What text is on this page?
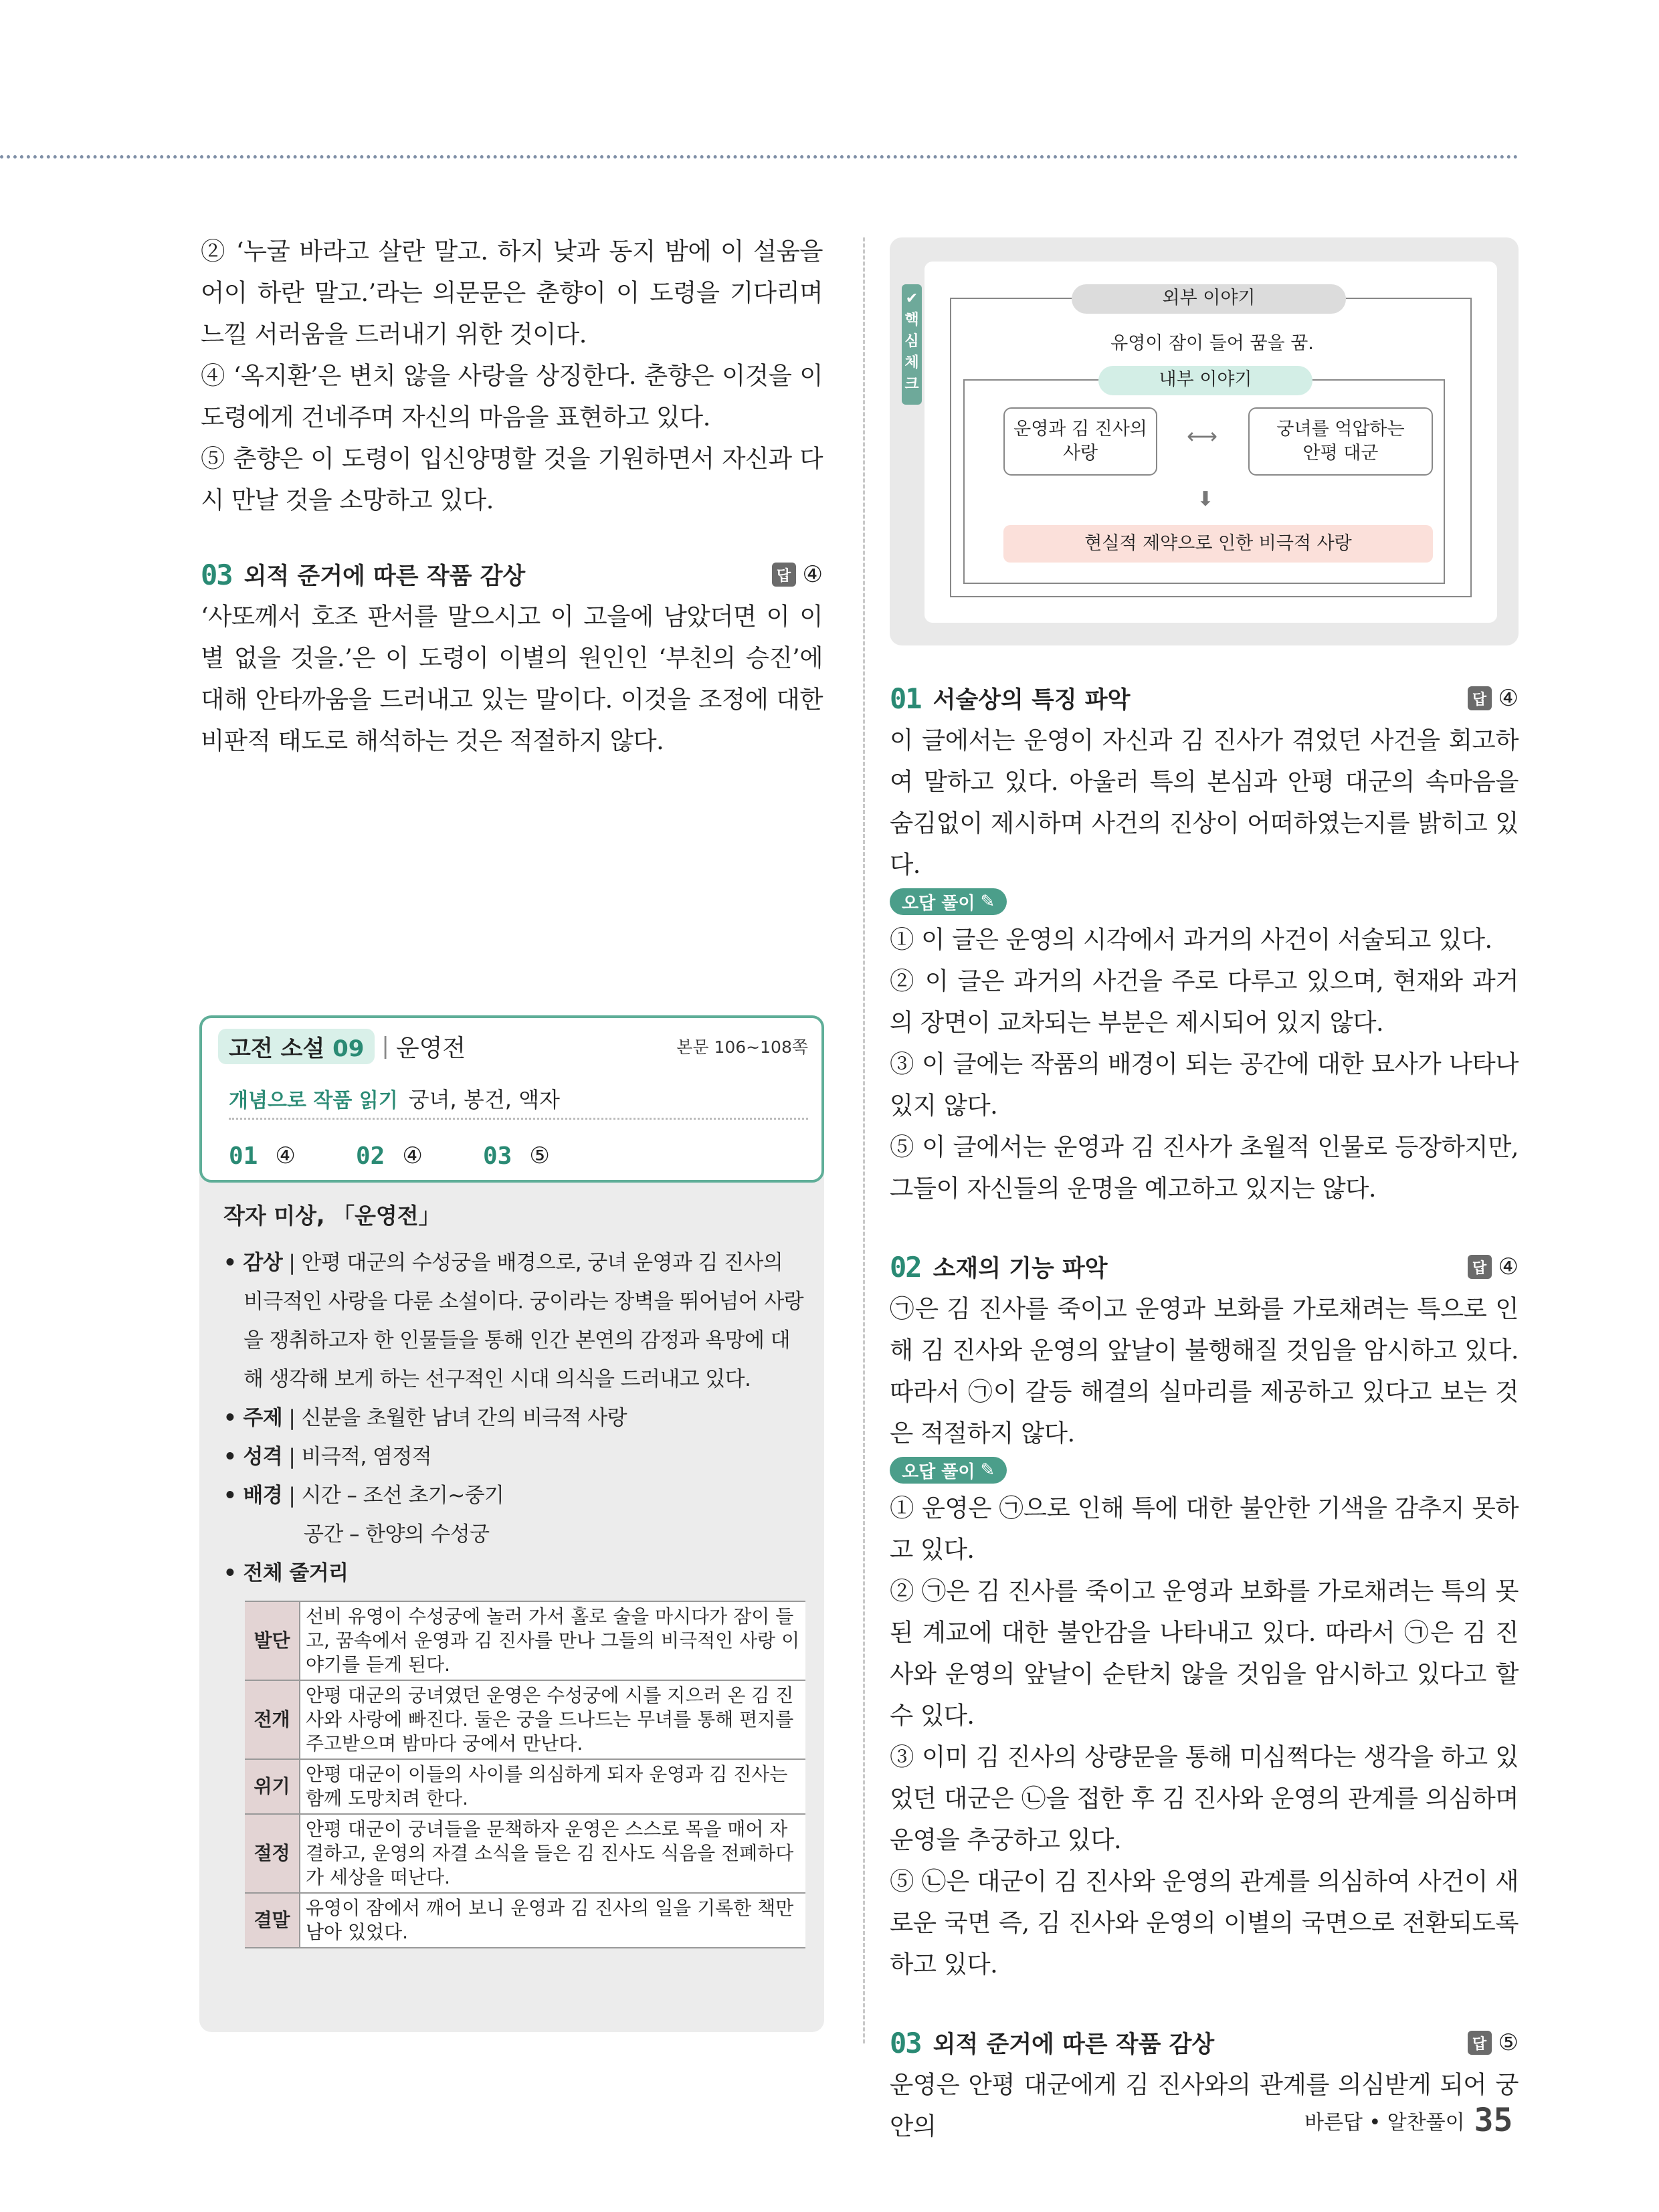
② ‘누굴 바라고 살란 말고. 하지 낮과 동지 밤에 이 설움을 어이 하란 말고.’라는 의문문은 춘향이 이 도령을 기다리며 느낄 서러움을 드러내기 위한 것이다.
④ ‘옥지환’은 변치 않을 사랑을 상징한다. 춘향은 이것을 이 도령에게 건네주며 자신의 마음을 표현하고 있다.
⑤ 춘향은 이 도령이 입신양명할 것을 기원하면서 자신과 다시 만날 것을 소망하고 있다.
03 외적 준거에 따른 작품 감상	답 ④
‘사또께서 호조 판서를 말으시고 이 고을에 남았더면 이 이별 없을 것을.’은 이 도령이 이별의 원인인 ‘부친의 승진’에 대해 안타까움을 드러내고 있는 말이다. 이것을 조정에 대한 비판적 태도로 해석하는 것은 적절하지 않다.
고전 소설 09 | 운영전	본문 106~108쪽
개념으로 작품 읽기 궁녀, 봉건, 액자
01 ④	02 ④	03 ⑤
작자 미상, 「운영전」
• 감상 | 안평 대군의 수성궁을 배경으로, 궁녀 운영과 김 진사의
비극적인 사랑을 다룬 소설이다. 궁이라는 장벽을 뛰어넘어 사랑
을 쟁취하고자 한 인물들을 통해 인간 본연의 감정과 욕망에 대
해 생각해 보게 하는 선구적인 시대 의식을 드러내고 있다.
• 주제 | 신분을 초월한 남녀 간의 비극적 사랑
• 성격 | 비극적, 염정적
• 배경 | 시간 – 조선 초기~중기
공간 – 한양의 수성궁
• 전체 줄거리
발단	선비 유영이 수성궁에 놀러 가서 홀로 술을 마시다가 잠이 들고, 꿈속에서 운영과 김 진사를 만나 그들의 비극적인 사랑 이야기를 듣게 된다.
전개	안평 대군의 궁녀였던 운영은 수성궁에 시를 지으러 온 김 진사와 사랑에 빠진다. 둘은 궁을 드나드는 무녀를 통해 편지를 주고받으며 밤마다 궁에서 만난다.
위기	안평 대군이 이들의 사이를 의심하게 되자 운영과 김 진사는 함께 도망치려 한다.
절정	안평 대군이 궁녀들을 문책하자 운영은 스스로 목을 매어 자결하고, 운영의 자결 소식을 들은 김 진사도 식음을 전폐하다가 세상을 떠난다.
결말	유영이 잠에서 깨어 보니 운영과 김 진사의 일을 기록한 책만 남아 있었다.
✔
핵
심
체
크
외부 이야기
유영이 잠이 들어 꿈을 꿈.
내부 이야기
운영과 김 진사의
사랑
⟷	궁녀를 억압하는
안평 대군
⬇
현실적 제약으로 인한 비극적 사랑
01 서술상의 특징 파악	답 ④
이 글에서는 운영이 자신과 김 진사가 겪었던 사건을 회고하여 말하고 있다. 아울러 특의 본심과 안평 대군의 속마음을 숨김없이 제시하며 사건의 진상이 어떠하였는지를 밝히고 있다.
오답 풀이 ✎
① 이 글은 운영의 시각에서 과거의 사건이 서술되고 있다.
② 이 글은 과거의 사건을 주로 다루고 있으며, 현재와 과거의 장면이 교차되는 부분은 제시되어 있지 않다.
③ 이 글에는 작품의 배경이 되는 공간에 대한 묘사가 나타나 있지 않다.
⑤ 이 글에서는 운영과 김 진사가 초월적 인물로 등장하지만, 그들이 자신들의 운명을 예고하고 있지는 않다.
02 소재의 기능 파악	답 ④
㉠은 김 진사를 죽이고 운영과 보화를 가로채려는 특으로 인해 김 진사와 운영의 앞날이 불행해질 것임을 암시하고 있다. 따라서 ㉠이 갈등 해결의 실마리를 제공하고 있다고 보는 것은 적절하지 않다.
오답 풀이 ✎
① 운영은 ㉠으로 인해 특에 대한 불안한 기색을 감추지 못하고 있다.
② ㉠은 김 진사를 죽이고 운영과 보화를 가로채려는 특의 못된 계교에 대한 불안감을 나타내고 있다. 따라서 ㉠은 김 진사와 운영의 앞날이 순탄치 않을 것임을 암시하고 있다고 할 수 있다.
③ 이미 김 진사의 상량문을 통해 미심쩍다는 생각을 하고 있었던 대군은 ㉡을 접한 후 김 진사와 운영의 관계를 의심하며 운영을 추궁하고 있다.
⑤ ㉡은 대군이 김 진사와 운영의 관계를 의심하여 사건이 새로운 국면 즉, 김 진사와 운영의 이별의 국면으로 전환되도록 하고 있다.
03 외적 준거에 따른 작품 감상	답 ⑤
운영은 안평 대군에게 김 진사와의 관계를 의심받게 되어 궁 안의	바른답 • 알찬풀이 35
